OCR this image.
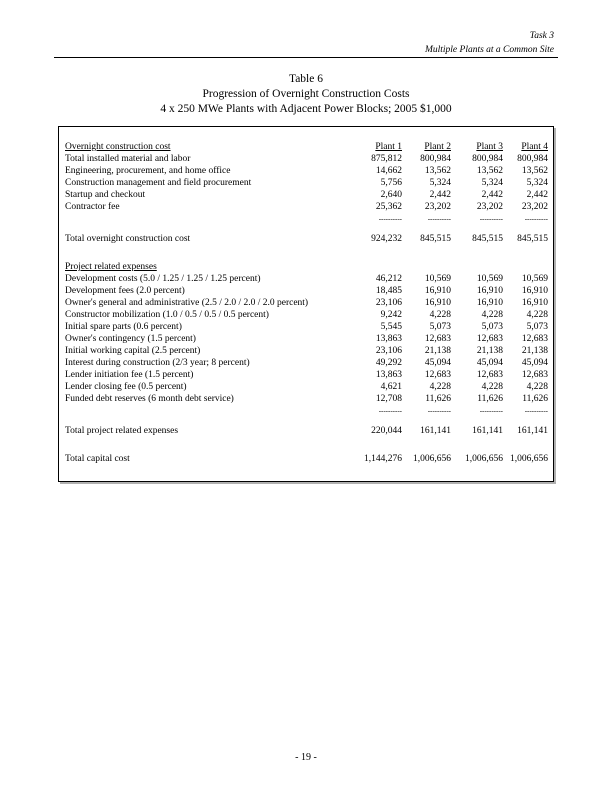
Task 3
Multiple Plants at a Common Site
Table 6
Progression of Overnight Construction Costs
4 x 250 MWe Plants with Adjacent Power Blocks; 2005 $1,000
Overnight construction cost	Plant 1	Plant 2	Plant 3	Plant 4
Total installed material and labor	875,812	800,984	800,984	800,984
Engineering, procurement, and home office	14,662	13,562	13,562	13,562
Construction management and field procurement	5,756	5,324	5,324	5,324
Startup and checkout	2,640	2,442	2,442	2,442
Contractor fee	25,362	23,202	23,202	23,202
	----------	----------	----------	----------

Total overnight construction cost	924,232	845,515	845,515	845,515

Project related expenses				
Development costs (5.0 / 1.25 / 1.25 / 1.25 percent)	46,212	10,569	10,569	10,569
Development fees (2.0 percent)	18,485	16,910	16,910	16,910
Owner's general and administrative (2.5 / 2.0 / 2.0 / 2.0 percent)	23,106	16,910	16,910	16,910
Constructor mobilization (1.0 / 0.5 / 0.5 / 0.5 percent)	9,242	4,228	4,228	4,228
Initial spare parts (0.6 percent)	5,545	5,073	5,073	5,073
Owner's contingency (1.5 percent)	13,863	12,683	12,683	12,683
Initial working capital (2.5 percent)	23,106	21,138	21,138	21,138
Interest during construction (2/3 year; 8 percent)	49,292	45,094	45,094	45,094
Lender initiation fee (1.5 percent)	13,863	12,683	12,683	12,683
Lender closing fee (0.5 percent)	4,621	4,228	4,228	4,228
Funded debt reserves (6 month debt service)	12,708	11,626	11,626	11,626
	----------	----------	----------	----------

Total project related expenses	220,044	161,141	161,141	161,141

Total capital cost	1,144,276	1,006,656	1,006,656	1,006,656
- 19 -
